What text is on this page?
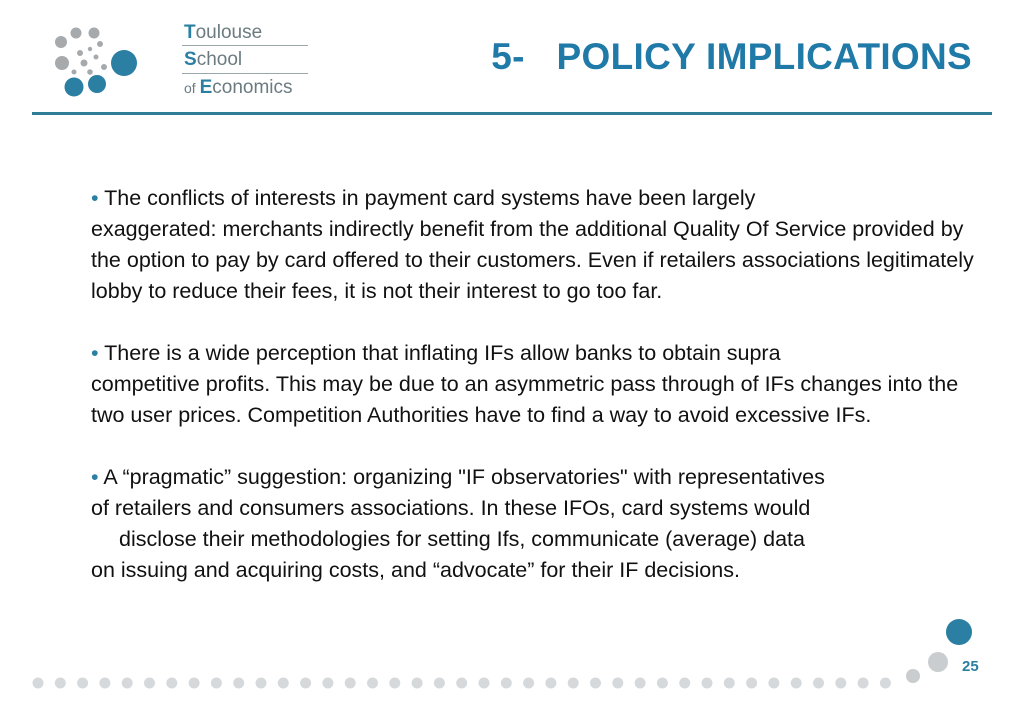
Toulouse
School
of Economics
5-   POLICY IMPLICATIONS

• The conflicts of interests in payment card systems have been largely
exaggerated: merchants indirectly benefit from the additional Quality Of Service provided by the option to pay by card offered to their customers. Even if retailers associations legitimately lobby to reduce their fees, it is not their interest to go too far.

• There is a wide perception that inflating IFs allow banks to obtain supra
competitive profits. This may be due to an asymmetric pass through of IFs changes into the two user prices. Competition Authorities have to find a way to avoid excessive IFs.

• A “pragmatic” suggestion: organizing "IF observatories" with representatives
of retailers and consumers associations. In these IFOs, card systems would
disclose their methodologies for setting Ifs, communicate (average) data
on issuing and acquiring costs, and “advocate” for their IF decisions.

25
